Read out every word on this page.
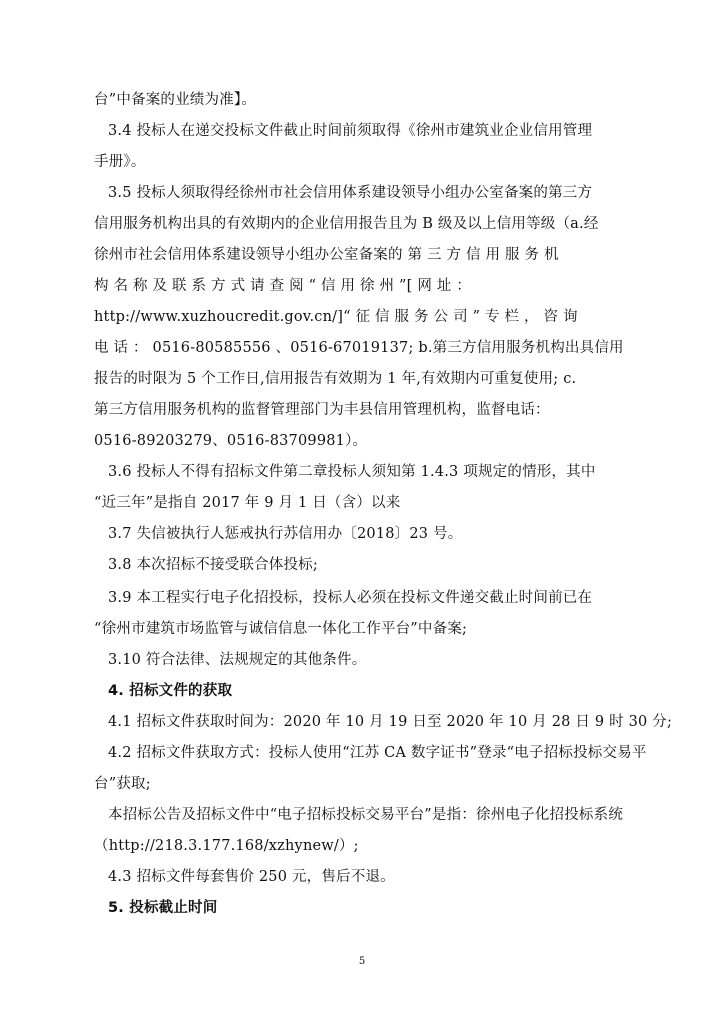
台”中备案的业绩为准】。
3.4 投标人在递交投标文件截止时间前须取得《徐州市建筑业企业信用管理
手册》。
3.5 投标人须取得经徐州市社会信用体系建设领导小组办公室备案的第三方
信用服务机构出具的有效期内的企业信用报告且为 B 级及以上信用等级（a.经
徐州市社会信用体系建设领导小组办公室备案的 第 三 方 信 用 服 务 机
构 名 称 及 联 系 方 式 请 查 阅 “ 信 用 徐 州 ”[ 网 址 ：
http://www.xuzhoucredit.gov.cn/]“ 征 信 服 务 公 司 ” 专 栏 ， 咨 询
电 话 ： 0516-80585556 、0516-67019137; b.第三方信用服务机构出具信用
报告的时限为 5 个工作日,信用报告有效期为 1 年,有效期内可重复使用; c.
第三方信用服务机构的监督管理部门为丰县信用管理机构，监督电话：
0516-89203279、0516-83709981）。
3.6 投标人不得有招标文件第二章投标人须知第 1.4.3 项规定的情形，其中
“近三年”是指自 2017 年 9 月 1 日（含）以来
3.7 失信被执行人惩戒执行苏信用办〔2018〕23 号。
3.8 本次招标不接受联合体投标;
3.9 本工程实行电子化招投标，投标人必须在投标文件递交截止时间前已在
“徐州市建筑市场监管与诚信信息一体化工作平台”中备案;
3.10 符合法律、法规规定的其他条件。
4. 招标文件的获取
4.1 招标文件获取时间为：2020 年 10 月 19 日至 2020 年 10 月 28 日 9 时 30 分;
4.2 招标文件获取方式：投标人使用“江苏 CA 数字证书”登录“电子招标投标交易平
台”获取;
本招标公告及招标文件中“电子招标投标交易平台”是指：徐州电子化招投标系统
（http://218.3.177.168/xzhynew/）;
4.3 招标文件每套售价 250 元，售后不退。
5. 投标截止时间
5
